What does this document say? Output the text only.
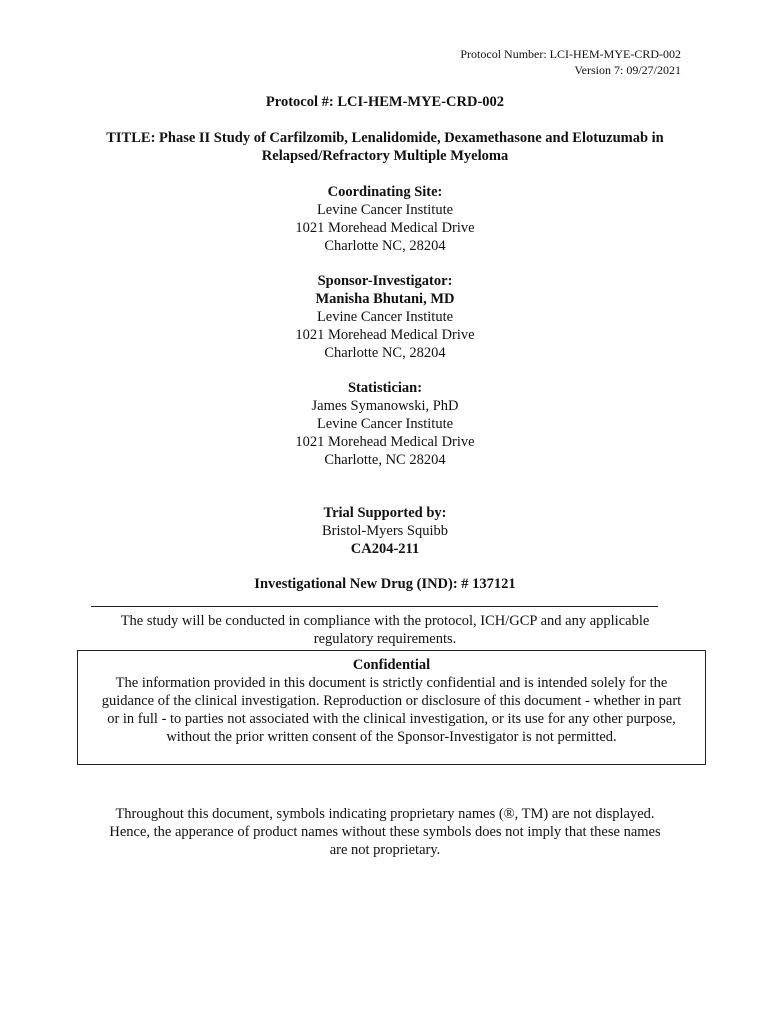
Protocol Number: LCI-HEM-MYE-CRD-002
Version 7: 09/27/2021
Protocol #: LCI-HEM-MYE-CRD-002
TITLE: Phase II Study of Carfilzomib, Lenalidomide, Dexamethasone and Elotuzumab in
Relapsed/Refractory Multiple Myeloma
Coordinating Site:
Levine Cancer Institute
1021 Morehead Medical Drive
Charlotte NC, 28204
Sponsor-Investigator:
Manisha Bhutani, MD
Levine Cancer Institute
1021 Morehead Medical Drive
Charlotte NC, 28204
Statistician:
James Symanowski, PhD
Levine Cancer Institute
1021 Morehead Medical Drive
Charlotte, NC 28204
Trial Supported by:
Bristol-Myers Squibb
CA204-211
Investigational New Drug (IND): # 137121
The study will be conducted in compliance with the protocol, ICH/GCP and any applicable
regulatory requirements.
Confidential
The information provided in this document is strictly confidential and is intended solely for the
guidance of the clinical investigation. Reproduction or disclosure of this document - whether in part
or in full - to parties not associated with the clinical investigation, or its use for any other purpose,
without the prior written consent of the Sponsor-Investigator is not permitted.
Throughout this document, symbols indicating proprietary names (®, TM) are not displayed.
Hence, the apperance of product names without these symbols does not imply that these names
are not proprietary.
